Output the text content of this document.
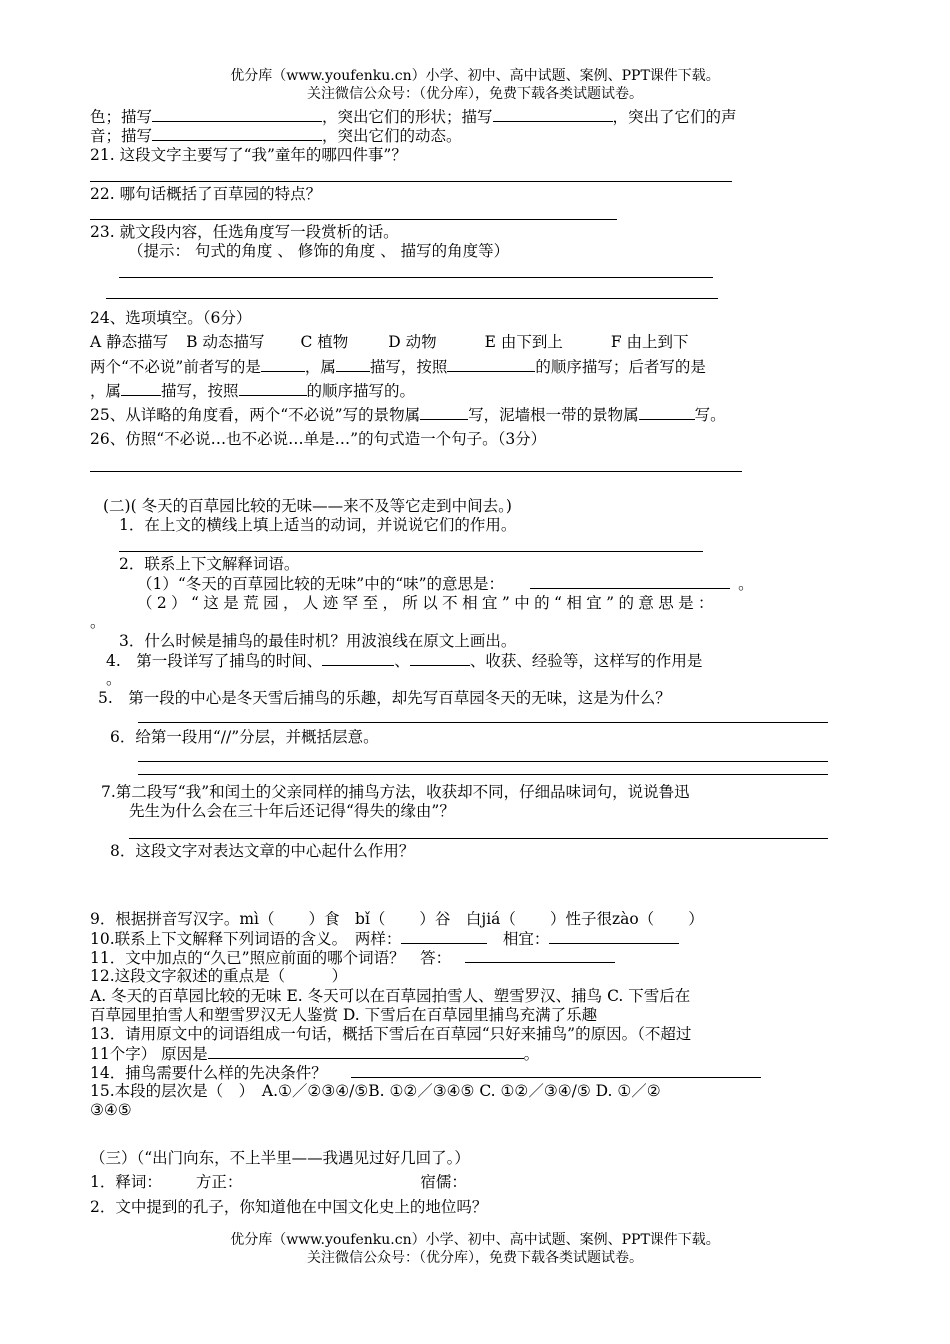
优分库（www.youfenku.cn）小学、初中、高中试题、案例、PPT课件下载。
关注微信公众号：（优分库），免费下载各类试题试卷。
色；描写	，突出它们的形状；描写	，突出了它们的声
音；描写	，突出它们的动态。
21. 这段文字主要写了“我”童年的哪四件事”？
22. 哪句话概括了百草园的特点？
23. 就文段内容，任选角度写一段赏析的话。
（提示： 句式的角度 、 修饰的角度 、 描写的角度等）
24、选项填空。（6分）
A 静态描写 B 动态描写 C 植物	D 动物	E 由下到上	F 由上到下
两个“不必说”前者写的是	，属 描写，按照	的顺序描写；后者写的是
，属	描写，按照	的顺序描写的。
25、从详略的角度看，两个“不必说”写的景物属	写，泥墙根一带的景物属	写。
26、仿照“不必说…也不必说…单是…”的句式造一个句子。（3分）
(二)( 冬天的百草园比较的无味——来不及等它走到中间去。)
1．在上文的横线上填上适当的动词，并说说它们的作用。
2．联系上下文解释词语。
（1）“冬天的百草园比较的无味”中的“味”的意思是：	。
（2）“这是荒园，人迹罕至，所以不相宜”中的“相宜”的意思是：
。
3．什么时候是捕鸟的最佳时机？用波浪线在原文上画出。
4.　第一段详写了捕鸟的时间、	、	、收获、经验等，这样写的作用是
。
5.　第一段的中心是冬天雪后捕鸟的乐趣，却先写百草园冬天的无味，这是为什么？
6．给第一段用“//”分层，并概括层意。
7.第二段写“我”和闰土的父亲同样的捕鸟方法，收获却不同，仔细品味词句，说说鲁迅
先生为什么会在三十年后还记得“得失的缘由”？
8．这段文字对表达文章的中心起什么作用？
9．根据拼音写汉字。mì（ ）食　bǐ（ ）谷　白jiá（ ）性子很zào（ ）
10.联系上下文解释下列词语的含义。　两样：	　相宜：
11．文中加点的“久已”照应前面的哪个词语？　答：
12.这段文字叙述的重点是（　　　）
A. 冬天的百草园比较的无味 E. 冬天可以在百草园拍雪人、塑雪罗汉、捕鸟 C. 下雪后在
百草园里拍雪人和塑雪罗汉无人鉴赏 D. 下雪后在百草园里捕鸟充满了乐趣
13．请用原文中的词语组成一句话，概括下雪后在百草园“只好来捕鸟”的原因。（不超过
11个字） 原因是	。
14．捕鸟需要什么样的先决条件？
15.本段的层次是（　）　A.①／②③④/⑤B. ①②／③④⑤ C. ①②／③④/⑤ D. ①／②
③④⑤
（三）（“出门向东，不上半里——我遇见过好几回了。）
1．释词： 方正：	宿儒：
2．文中提到的孔子，你知道他在中国文化史上的地位吗？
优分库（www.youfenku.cn）小学、初中、高中试题、案例、PPT课件下载。
关注微信公众号：（优分库），免费下载各类试题试卷。
